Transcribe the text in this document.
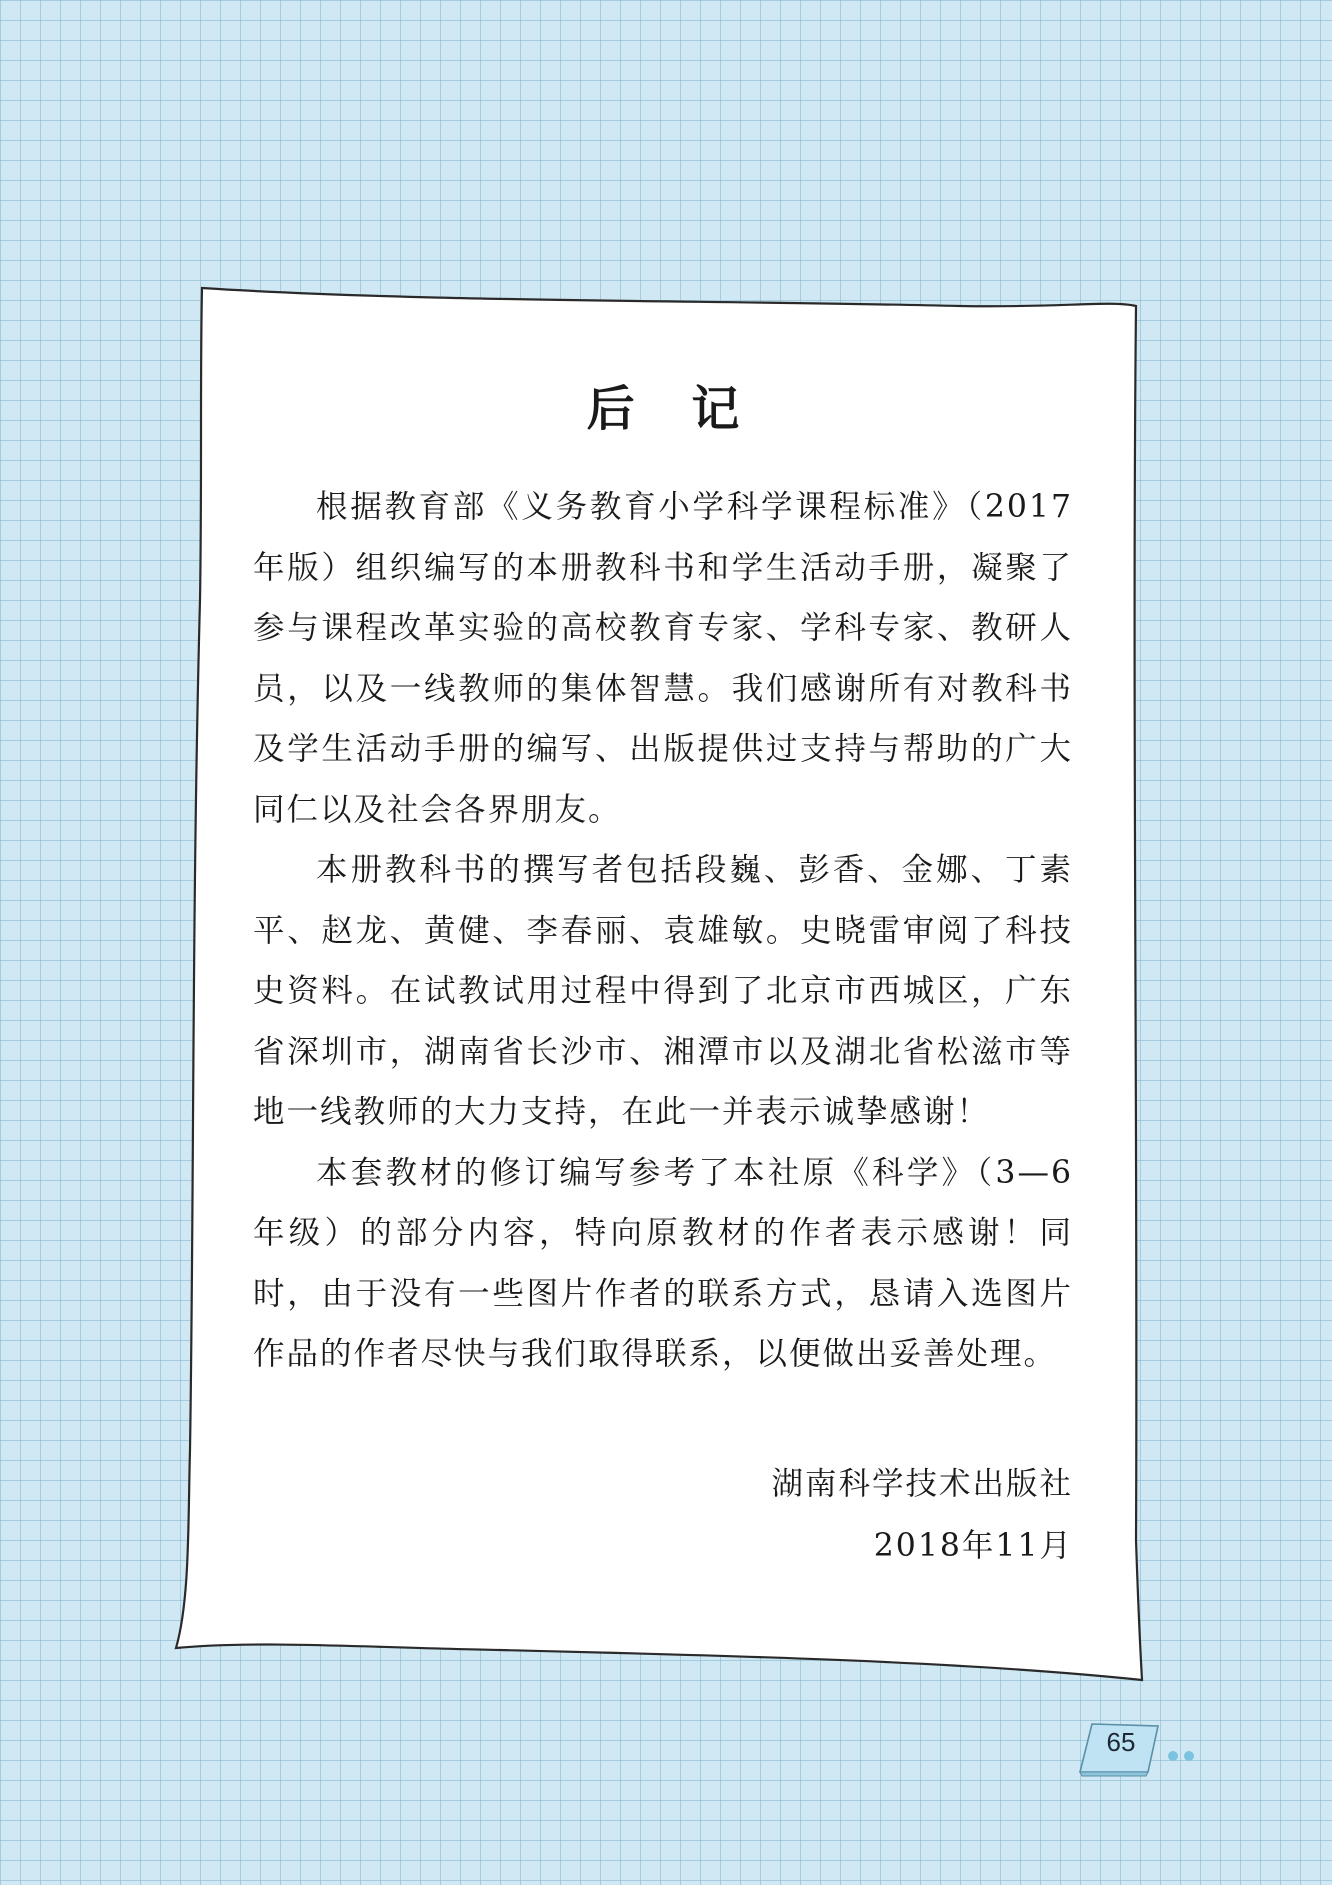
后 记

根据教育部《义务教育小学科学课程标准》（2017年版）组织编写的本册教科书和学生活动手册，凝聚了参与课程改革实验的高校教育专家、学科专家、教研人员，以及一线教师的集体智慧。我们感谢所有对教科书及学生活动手册的编写、出版提供过支持与帮助的广大同仁以及社会各界朋友。

本册教科书的撰写者包括段巍、彭香、金娜、丁素平、赵龙、黄健、李春丽、袁雄敏。史晓雷审阅了科技史资料。在试教试用过程中得到了北京市西城区，广东省深圳市，湖南省长沙市、湘潭市以及湖北省松滋市等地一线教师的大力支持，在此一并表示诚挚感谢！

本套教材的修订编写参考了本社原《科学》（3—6年级）的部分内容，特向原教材的作者表示感谢！同时，由于没有一些图片作者的联系方式，恳请入选图片作品的作者尽快与我们取得联系，以便做出妥善处理。

湖南科学技术出版社

2018年11月

65
